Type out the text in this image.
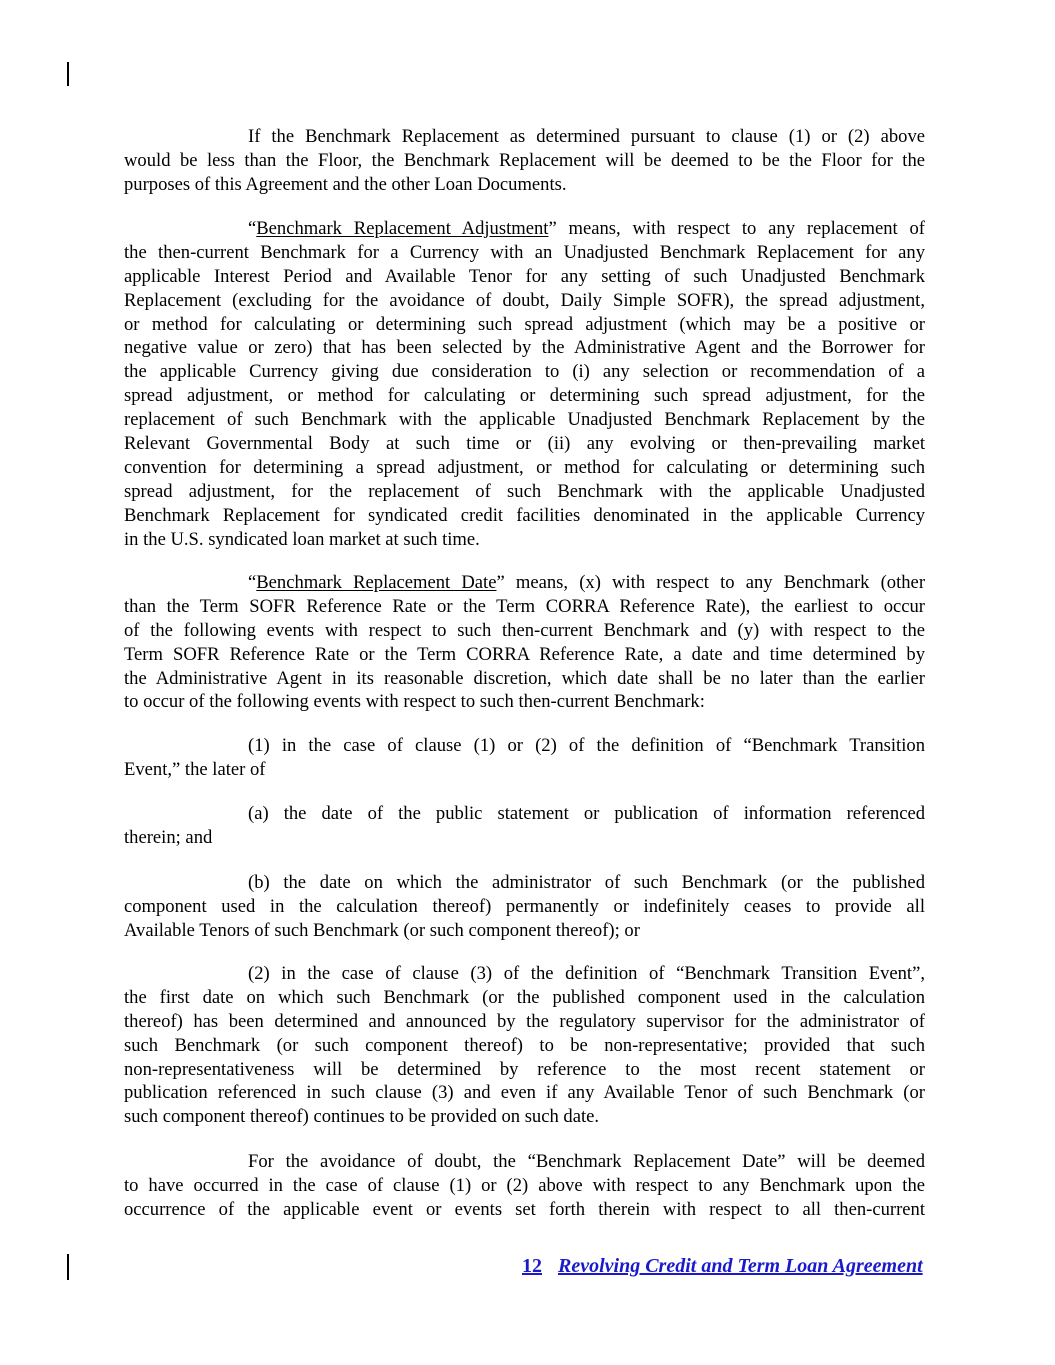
If the Benchmark Replacement as determined pursuant to clause (1) or (2) above
would be less than the Floor, the Benchmark Replacement will be deemed to be the Floor for the
purposes of this Agreement and the other Loan Documents.
“Benchmark Replacement Adjustment” means, with respect to any replacement of
the then-current Benchmark for a Currency with an Unadjusted Benchmark Replacement for any
applicable Interest Period and Available Tenor for any setting of such Unadjusted Benchmark
Replacement (excluding for the avoidance of doubt, Daily Simple SOFR), the spread adjustment,
or method for calculating or determining such spread adjustment (which may be a positive or
negative value or zero) that has been selected by the Administrative Agent and the Borrower for
the applicable Currency giving due consideration to (i) any selection or recommendation of a
spread adjustment, or method for calculating or determining such spread adjustment, for the
replacement of such Benchmark with the applicable Unadjusted Benchmark Replacement by the
Relevant Governmental Body at such time or (ii) any evolving or then-prevailing market
convention for determining a spread adjustment, or method for calculating or determining such
spread adjustment, for the replacement of such Benchmark with the applicable Unadjusted
Benchmark Replacement for syndicated credit facilities denominated in the applicable Currency
in the U.S. syndicated loan market at such time.
“Benchmark Replacement Date” means, (x) with respect to any Benchmark (other
than the Term SOFR Reference Rate or the Term CORRA Reference Rate), the earliest to occur
of the following events with respect to such then-current Benchmark and (y) with respect to the
Term SOFR Reference Rate or the Term CORRA Reference Rate, a date and time determined by
the Administrative Agent in its reasonable discretion, which date shall be no later than the earlier
to occur of the following events with respect to such then-current Benchmark:
(1) in the case of clause (1) or (2) of the definition of “Benchmark Transition
Event,” the later of
(a) the date of the public statement or publication of information referenced
therein; and
(b) the date on which the administrator of such Benchmark (or the published
component used in the calculation thereof) permanently or indefinitely ceases to provide all
Available Tenors of such Benchmark (or such component thereof); or
(2) in the case of clause (3) of the definition of “Benchmark Transition Event”,
the first date on which such Benchmark (or the published component used in the calculation
thereof) has been determined and announced by the regulatory supervisor for the administrator of
such Benchmark (or such component thereof) to be non-representative; provided that such
non-representativeness will be determined by reference to the most recent statement or
publication referenced in such clause (3) and even if any Available Tenor of such Benchmark (or
such component thereof) continues to be provided on such date.
For the avoidance of doubt, the “Benchmark Replacement Date” will be deemed
to have occurred in the case of clause (1) or (2) above with respect to any Benchmark upon the
occurrence of the applicable event or events set forth therein with respect to all then-current
12 Revolving Credit and Term Loan Agreement
